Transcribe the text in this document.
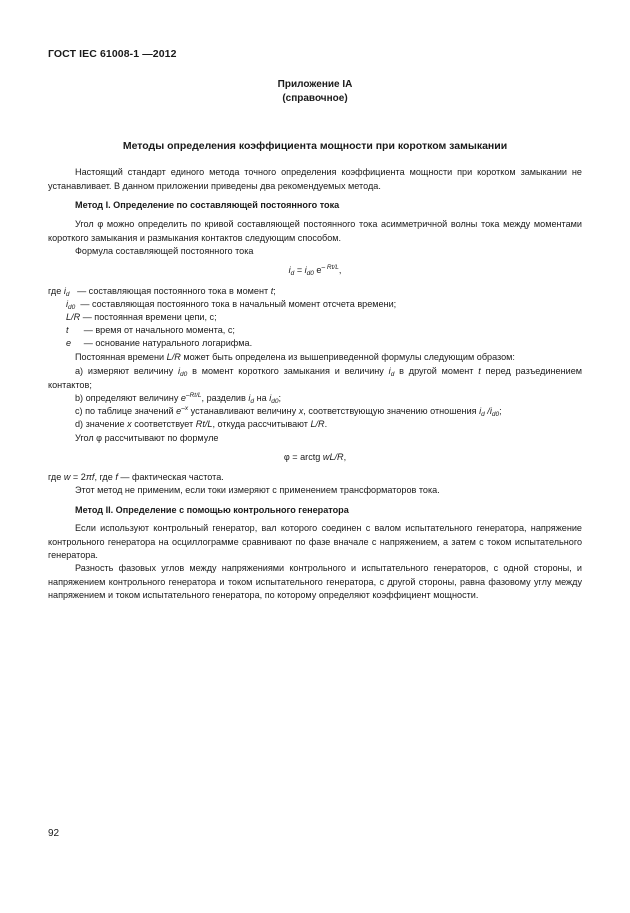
ГОСТ IEC 61008-1 —2012
Приложение IA
(справочное)
Методы определения коэффициента мощности при коротком замыкании
Настоящий стандарт единого метода точного определения коэффициента мощности при коротком замыкании не устанавливает. В данном приложении приведены два рекомендуемых метода.
Метод I. Определение по составляющей постоянного тока
Угол φ можно определить по кривой составляющей постоянного тока асимметричной волны тока между моментами короткого замыкания и размыкания контактов следующим способом.
Формула составляющей постоянного тока
$i_d = i_{d0}$ $e^{- Rt/L}$,
где $i_d$ — составляющая постоянного тока в момент t;
$i_{d0}$ — составляющая постоянного тока в начальный момент отсчета времени;
L/R — постоянная времени цепи, с;
t — время от начального момента, с;
e — основание натурального логарифма.
Постоянная времени L/R может быть определена из вышеприведенной формулы следующим образом:
a) измеряют величину $i_{d0}$ в момент короткого замыкания и величину $i_d$ в другой момент t перед разъединением контактов;
b) определяют величину $e^{-Rt/L}$, разделив $i_d$ на $i_{d0}$;
c) по таблице значений $e^{-x}$ устанавливают величину x, соответствующую значению отношения $i_d$ $/i_{d0}$;
d) значение x соответствует Rt/L, откуда рассчитывают L/R.
Угол φ рассчитывают по формуле
φ = arctg wL/R,
где w = 2πf, где f — фактическая частота.
Этот метод не применим, если токи измеряют с применением трансформаторов тока.
Метод II. Определение с помощью контрольного генератора
Если используют контрольный генератор, вал которого соединен с валом испытательного генератора, напряжение контрольного генератора на осциллограмме сравнивают по фазе вначале с напряжением, а затем с током испытательного генератора.
Разность фазовых углов между напряжениями контрольного и испытательного генераторов, с одной стороны, и напряжением контрольного генератора и током испытательного генератора, с другой стороны, равна фазовому углу между напряжением и током испытательного генератора, по которому определяют коэффициент мощности.
92
